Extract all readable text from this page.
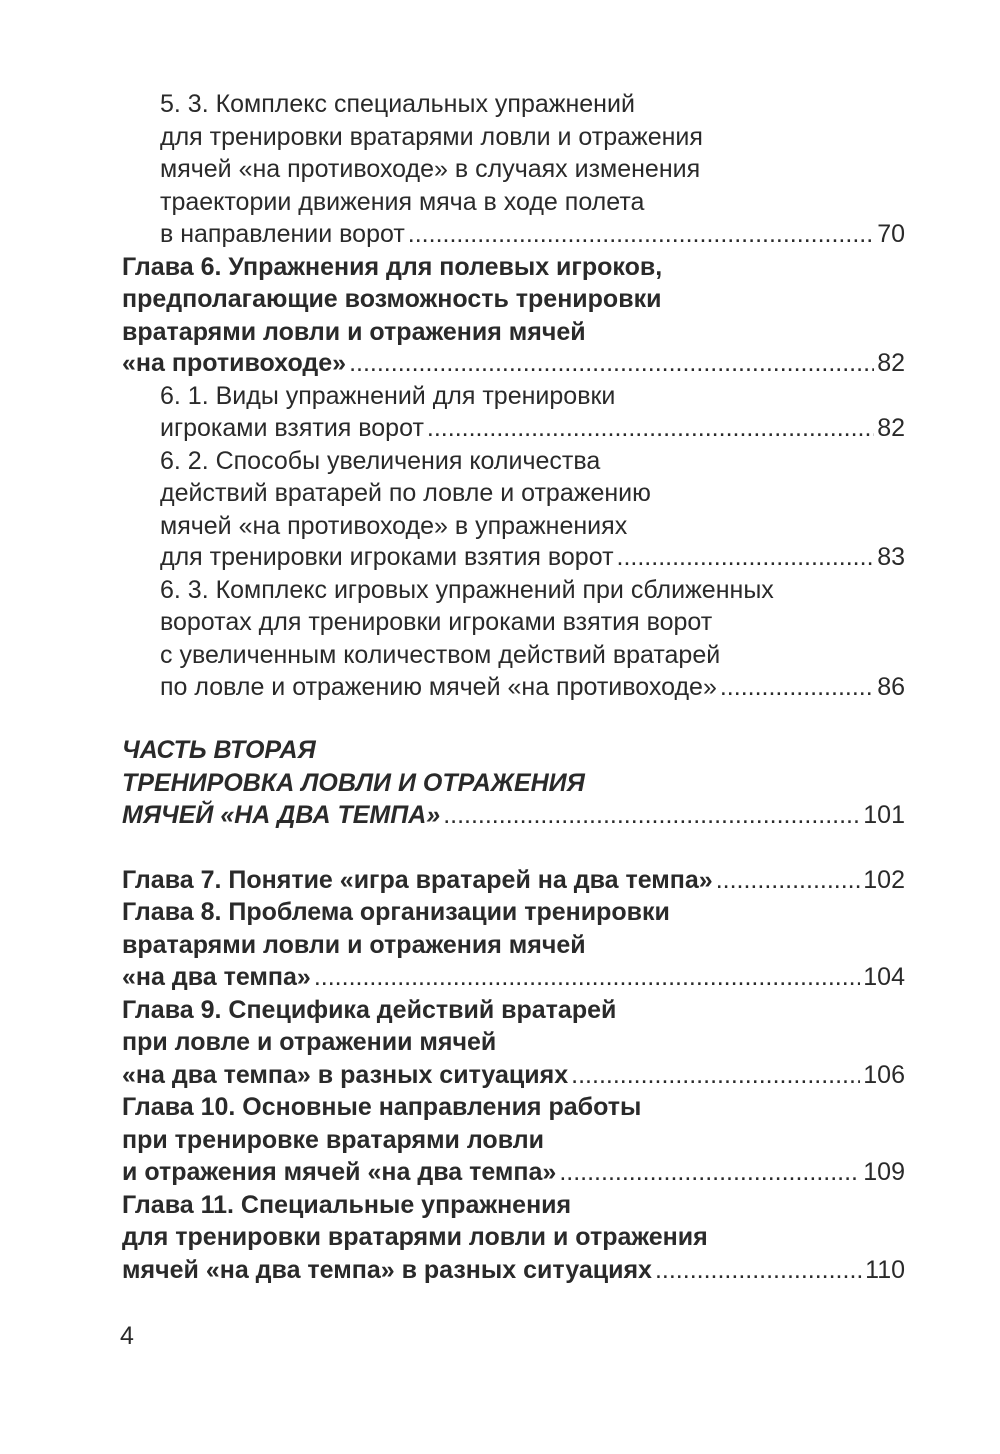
5. 3. Комплекс специальных упражнений
для тренировки вратарями ловли и отражения
мячей «на противоходе» в случаях изменения
траектории движения мяча в ходе полета
в направлении ворот .....	70
Глава 6. Упражнения для полевых игроков,
предполагающие возможность тренировки
вратарями ловли и отражения мячей
«на противоходе» .....	82
6. 1. Виды упражнений для тренировки
игроками взятия ворот .....	82
6. 2. Способы увеличения количества
действий вратарей по ловле и отражению
мячей «на противоходе» в упражнениях
для тренировки игроками взятия ворот .....	83
6. 3. Комплекс игровых упражнений при сближенных
воротах для тренировки игроками взятия ворот
с увеличенным количеством действий вратарей
по ловле и отражению мячей «на противоходе» .....	86
ЧАСТЬ ВТОРАЯ
ТРЕНИРОВКА ЛОВЛИ И ОТРАЖЕНИЯ
МЯЧЕЙ «НА ДВА ТЕМПА» .....	101
Глава 7. Понятие «игра вратарей на два темпа» .....	102
Глава 8. Проблема организации тренировки
вратарями ловли и отражения мячей
«на два темпа» .....	104
Глава 9. Специфика действий вратарей
при ловле и отражении мячей
«на два темпа» в разных ситуациях .....	106
Глава 10. Основные направления работы
при тренировке вратарями ловли
и отражения мячей «на два темпа» .....	109
Глава 11. Специальные упражнения
для тренировки вратарями ловли и отражения
мячей «на два темпа» в разных ситуациях .....	110
4
